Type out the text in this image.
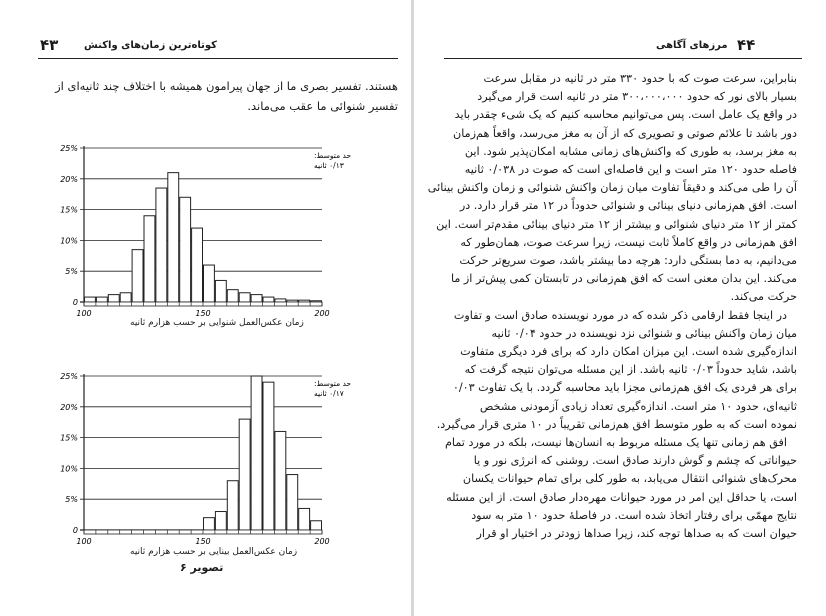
۴۳	کوتاه‌ترین زمان‌های واکنش
هستند. تفسیر بصری ما از جهان پیرامون همیشه با اختلاف چند ثانیه‌ای از
تفسیر شنوائی ما عقب می‌ماند.
0
5%
10%
15%
20%
25%
100	150	200
حد متوسط:
۰/۱۳ ثانیه
زمان عکس‌العمل شنوایی بر حسب هزارم ثانیه
0
5%
10%
15%
20%
25%
100	150	200
حد متوسط:
۰/۱۷ ثانیه
زمان عکس‌العمل بینایی بر حسب هزارم ثانیه
تصویر ۶
۴۴
مرزهای آگاهی
بنابراین، سرعت صوت که با حدود ۳۳۰ متر در ثانیه در مقابل سرعت
بسیار بالای نور که حدود ۳۰۰،۰۰۰،۰۰۰ متر در ثانیه است قرار می‌گیرد
در واقع یک عامل است. پس می‌توانیم محاسبه کنیم که یک شیء چقدر باید
دور باشد تا علائم صوتی و تصویری که از آن به مغز می‌رسد، واقعاً هم‌زمان
به مغز برسد، به طوری که واکنش‌های زمانی مشابه امکان‌پذیر شود. این
فاصله حدود ۱۲۰ متر است و این فاصله‌ای است که صوت در ۰/۰۳۸ ثانیه
آن را طی می‌کند و دقیقاً تفاوت میان زمان واکنش شنوائی و زمان واکنش بینائی
است. افق هم‌زمانی دنیای بینائی و شنوائی حدوداً در ۱۲ متر قرار دارد. در
کمتر از ۱۲ متر دنیای شنوائی و بیشتر از ۱۲ متر دنیای بینائی مقدم‌تر است. این
افق هم‌زمانی در واقع کاملاً ثابت نیست، زیرا سرعت صوت، همان‌طور که
می‌دانیم، به دما بستگی دارد: هرچه دما بیشتر باشد، صوت سریع‌تر حرکت
می‌کند. این بدان معنی است که افق هم‌زمانی در تابستان کمی پیش‌تر از ما
حرکت می‌کند.
در اینجا فقط ارقامی ذکر شده که در مورد نویسنده صادق است و تفاوت
میان زمان واکنش بینائی و شنوائی نزد نویسنده در حدود ۰/۰۴ ثانیه
اندازه‌گیری شده است. این میزان امکان دارد که برای فرد دیگری متفاوت
باشد، شاید حدوداً ۰/۰۳ ثانیه باشد. از این مسئله می‌توان نتیجه گرفت که
برای هر فردی یک افق هم‌زمانی مجزا باید محاسبه گردد. با یک تفاوت ۰/۰۳
ثانیه‌ای، حدود ۱۰ متر است. اندازه‌گیری تعداد زیادی آزمودنی مشخص
نموده است که به طور متوسط افق هم‌زمانی تقریباً در ۱۰ متری قرار می‌گیرد.
افق هم زمانی تنها یک مسئله مربوط به انسان‌ها نیست، بلکه در مورد تمام
حیواناتی که چشم و گوش دارند صادق است. روشنی که انرژی نور و یا
محرک‌های شنوائی انتقال می‌یابد، به طور کلی برای تمام حیوانات یکسان
است، یا حداقل این امر در مورد حیوانات مهره‌دار صادق است. از این مسئله
نتایج مهمّی برای رفتار اتخاذ شده است. در فاصلهٔ حدود ۱۰ متر به سود
حیوان است که به صداها توجه کند، زیرا صداها زودتر در اختیار او قرار
